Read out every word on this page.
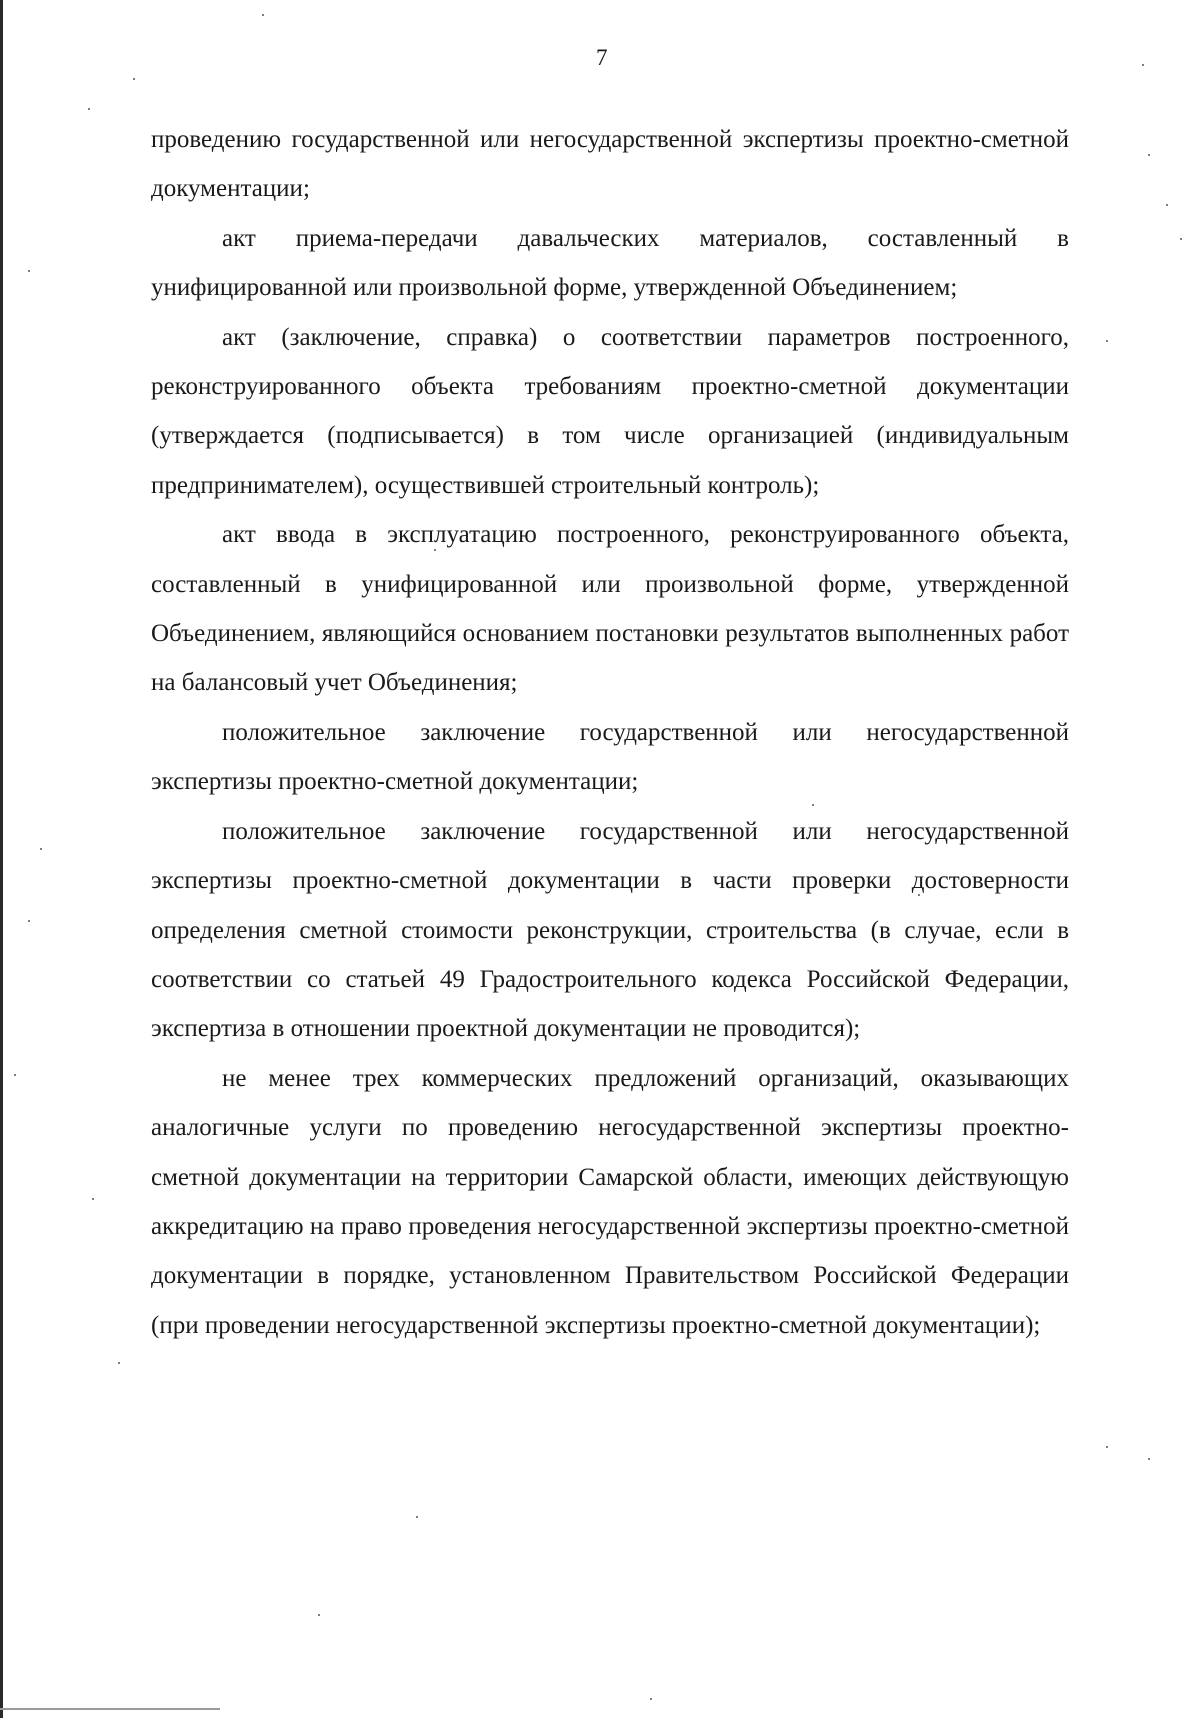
7

проведению государственной или негосударственной экспертизы проектно-сметной документации;

акт приема-передачи давальческих материалов, составленный в унифицированной или произвольной форме, утвержденной Объединением;

акт (заключение, справка) о соответствии параметров построенного, реконструированного объекта требованиям проектно-сметной документации (утверждается (подписывается) в том числе организацией (индивидуальным предпринимателем), осуществившей строительный контроль);

акт ввода в эксплуатацию построенного, реконструированного объекта, составленный в унифицированной или произвольной форме, утвержденной Объединением, являющийся основанием постановки результатов выполненных работ на балансовый учет Объединения;

положительное заключение государственной или негосударственной экспертизы проектно-сметной документации;

положительное заключение государственной или негосударственной экспертизы проектно-сметной документации в части проверки достоверности определения сметной стоимости реконструкции, строительства (в случае, если в соответствии со статьей 49 Градостроительного кодекса Российской Федерации, экспертиза в отношении проектной документации не проводится);

не менее трех коммерческих предложений организаций, оказывающих аналогичные услуги по проведению негосударственной экспертизы проектно-сметной документации на территории Самарской области, имеющих действующую аккредитацию на право проведения негосударственной экспертизы проектно-сметной документации в порядке, установленном Правительством Российской Федерации (при проведении негосударственной экспертизы проектно-сметной документации);
